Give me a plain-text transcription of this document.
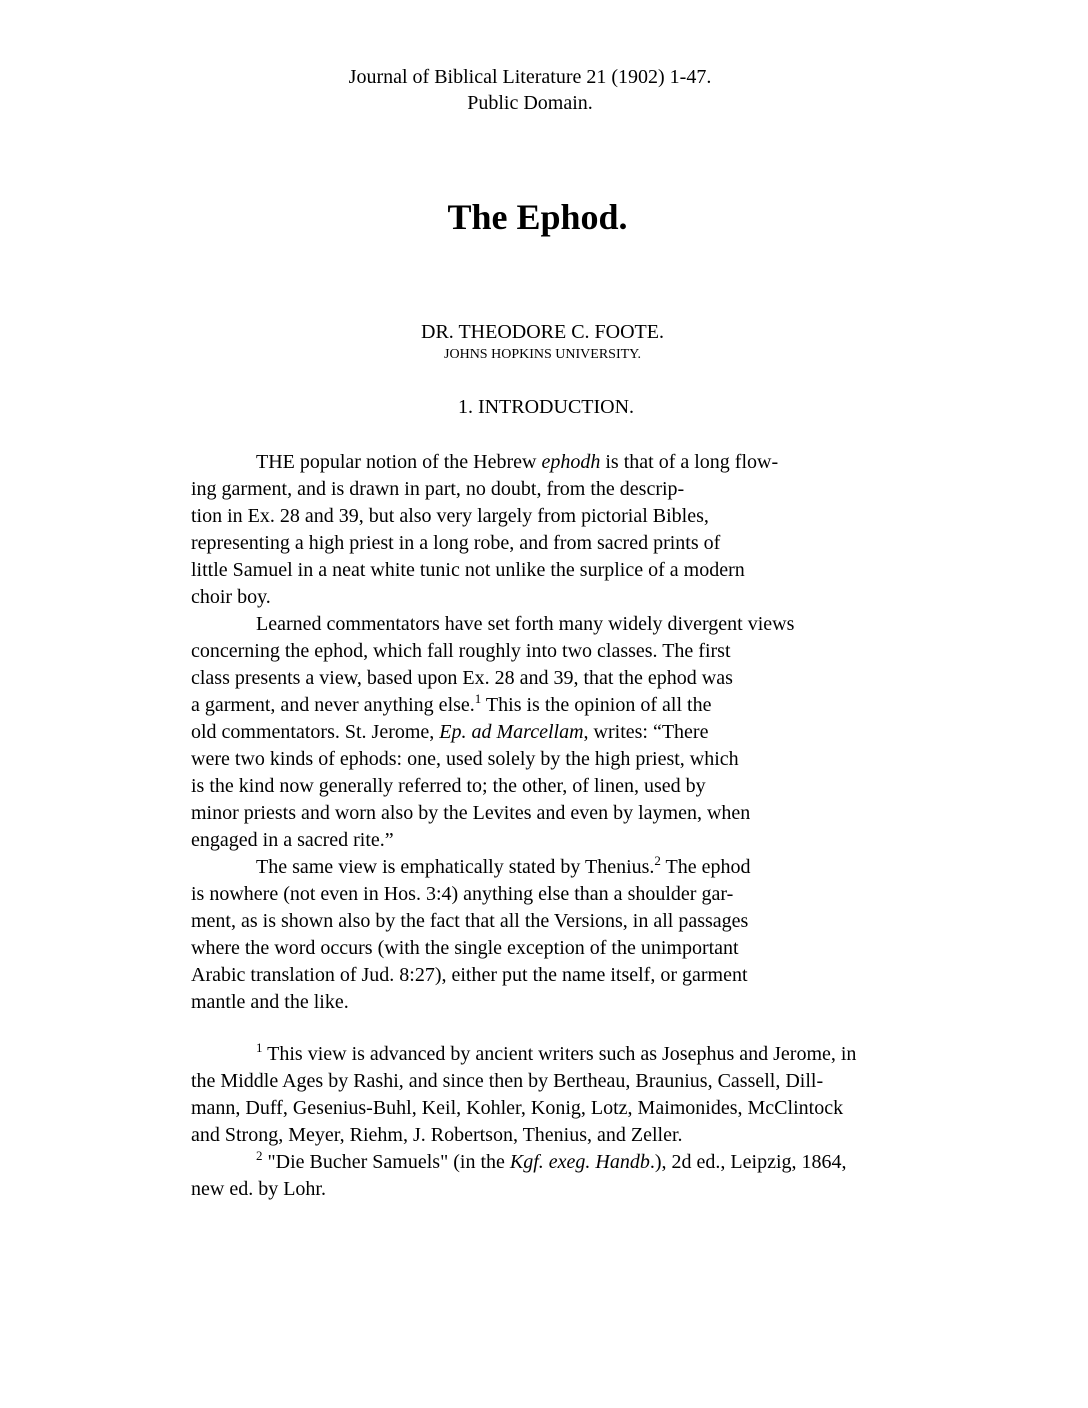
Journal of Biblical Literature 21 (1902) 1-47.
Public Domain.
The Ephod.
DR. THEODORE C. FOOTE.
JOHNS HOPKINS UNIVERSITY.
1. INTRODUCTION.
THE popular notion of the Hebrew ephodh is that of a long flow-
ing garment, and is drawn in part, no doubt, from the descrip-
tion in Ex. 28 and 39, but also very largely from pictorial Bibles,
representing a high priest in a long robe, and from sacred prints of
little Samuel in a neat white tunic not unlike the surplice of a modern
choir boy.
Learned commentators have set forth many widely divergent views
concerning the ephod, which fall roughly into two classes. The first
class presents a view, based upon Ex. 28 and 39, that the ephod was
a garment, and never anything else.$^1$ This is the opinion of all the
old commentators. St. Jerome, Ep. ad Marcellam, writes: “There
were two kinds of ephods: one, used solely by the high priest, which
is the kind now generally referred to; the other, of linen, used by
minor priests and worn also by the Levites and even by laymen, when
engaged in a sacred rite.”
The same view is emphatically stated by Thenius.$^2$ The ephod
is nowhere (not even in Hos. 3:4) anything else than a shoulder gar-
ment, as is shown also by the fact that all the Versions, in all passages
where the word occurs (with the single exception of the unimportant
Arabic translation of Jud. 8:27), either put the name itself, or garment
mantle and the like.
$^1$ This view is advanced by ancient writers such as Josephus and Jerome, in
the Middle Ages by Rashi, and since then by Bertheau, Braunius, Cassell, Dill-
mann, Duff, Gesenius-Buhl, Keil, Kohler, Konig, Lotz, Maimonides, McClintock
and Strong, Meyer, Riehm, J. Robertson, Thenius, and Zeller.
$^2$ "Die Bucher Samuels" (in the Kgf. exeg. Handb.), 2d ed., Leipzig, 1864,
new ed. by Lohr.
